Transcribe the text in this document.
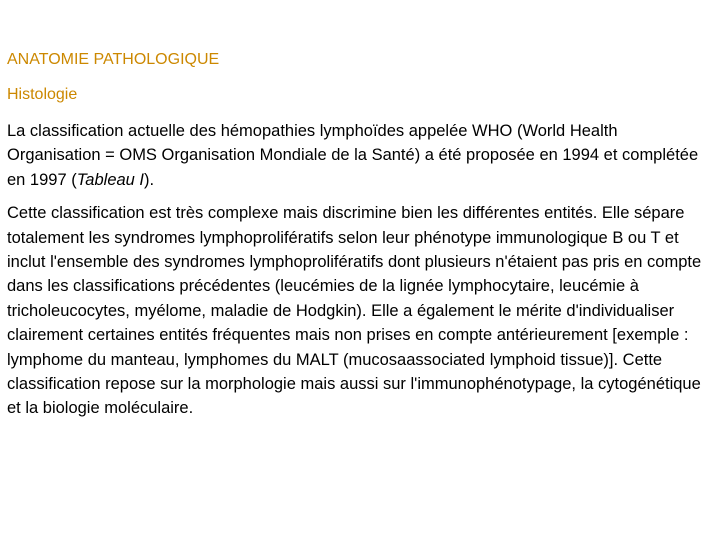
ANATOMIE PATHOLOGIQUE

Histologie

La classification actuelle des hémopathies lymphoïdes appelée WHO (World Health Organisation = OMS Organisation Mondiale de la Santé) a été proposée en 1994 et complétée en 1997 (Tableau I).

Cette classification est très complexe mais discrimine bien les différentes entités. Elle sépare totalement les syndromes lymphoprolifératifs selon leur phénotype immunologique B ou T et inclut l'ensemble des syndromes lymphoprolifératifs dont plusieurs n'étaient pas pris en compte dans les classifications précédentes (leucémies de la lignée lymphocytaire, leucémie à tricholeucocytes, myélome, maladie de Hodgkin). Elle a également le mérite d'individualiser clairement certaines entités fréquentes mais non prises en compte antérieurement [exemple : lymphome du manteau, lymphomes du MALT (mucosaassociated lymphoid tissue)]. Cette classification repose sur la morphologie mais aussi sur l'immunophénotypage, la cytogénétique et la biologie moléculaire.
